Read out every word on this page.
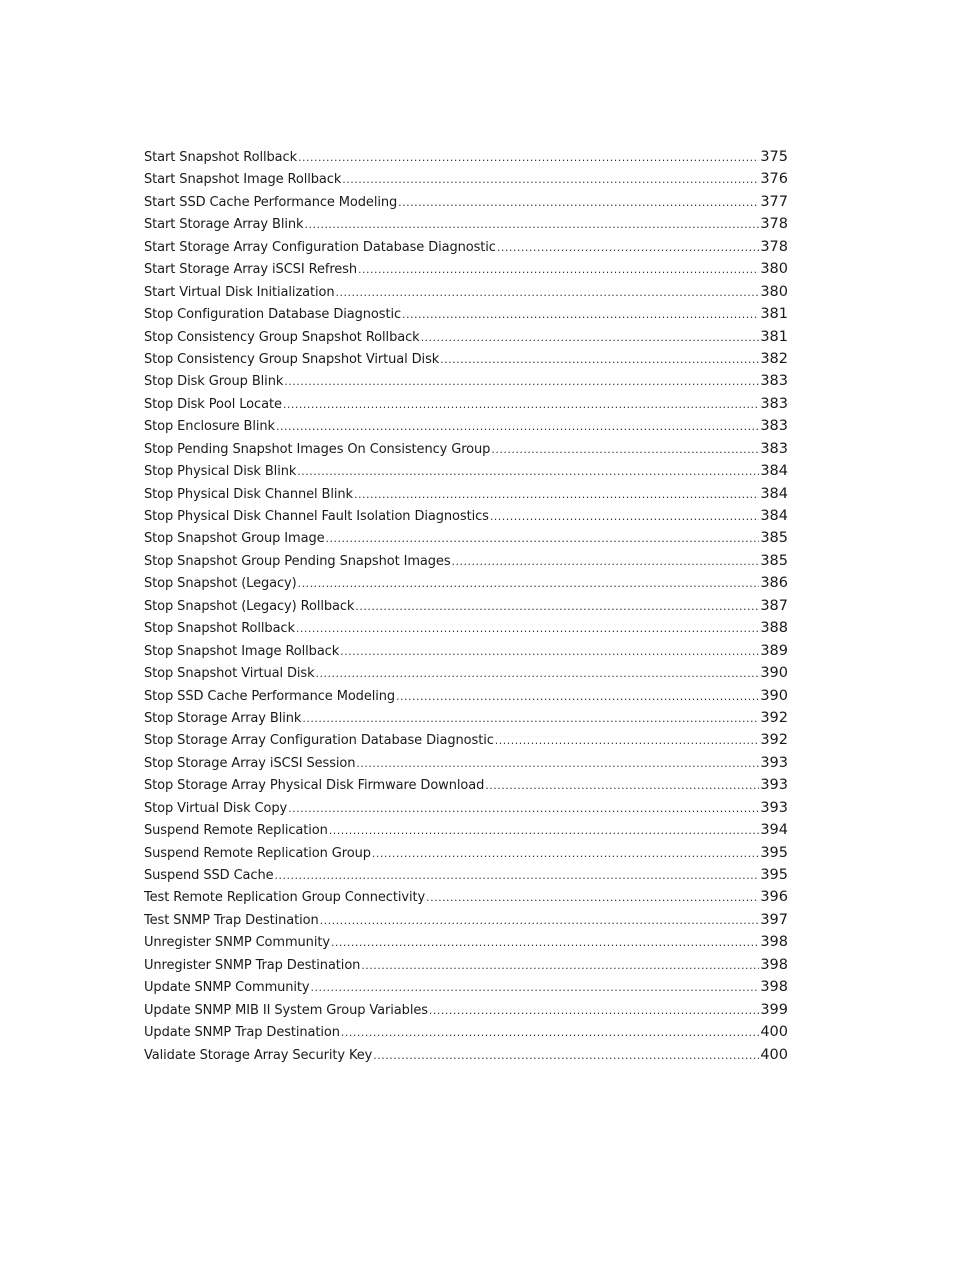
Start Snapshot Rollback .....	375
Start Snapshot Image Rollback .....	376
Start SSD Cache Performance Modeling .....	377
Start Storage Array Blink .....	378
Start Storage Array Configuration Database Diagnostic .....	378
Start Storage Array iSCSI Refresh .....	380
Start Virtual Disk Initialization .....	380
Stop Configuration Database Diagnostic .....	381
Stop Consistency Group Snapshot Rollback .....	381
Stop Consistency Group Snapshot Virtual Disk .....	382
Stop Disk Group Blink .....	383
Stop Disk Pool Locate .....	383
Stop Enclosure Blink .....	383
Stop Pending Snapshot Images On Consistency Group .....	383
Stop Physical Disk Blink .....	384
Stop Physical Disk Channel Blink .....	384
Stop Physical Disk Channel Fault Isolation Diagnostics .....	384
Stop Snapshot Group Image .....	385
Stop Snapshot Group Pending Snapshot Images .....	385
Stop Snapshot (Legacy) .....	386
Stop Snapshot (Legacy) Rollback .....	387
Stop Snapshot Rollback .....	388
Stop Snapshot Image Rollback .....	389
Stop Snapshot Virtual Disk .....	390
Stop SSD Cache Performance Modeling .....	390
Stop Storage Array Blink .....	392
Stop Storage Array Configuration Database Diagnostic .....	392
Stop Storage Array iSCSI Session .....	393
Stop Storage Array Physical Disk Firmware Download .....	393
Stop Virtual Disk Copy .....	393
Suspend Remote Replication .....	394
Suspend Remote Replication Group .....	395
Suspend SSD Cache .....	395
Test Remote Replication Group Connectivity .....	396
Test SNMP Trap Destination .....	397
Unregister SNMP Community .....	398
Unregister SNMP Trap Destination .....	398
Update SNMP Community .....	398
Update SNMP MIB II System Group Variables .....	399
Update SNMP Trap Destination .....	400
Validate Storage Array Security Key .....	400
